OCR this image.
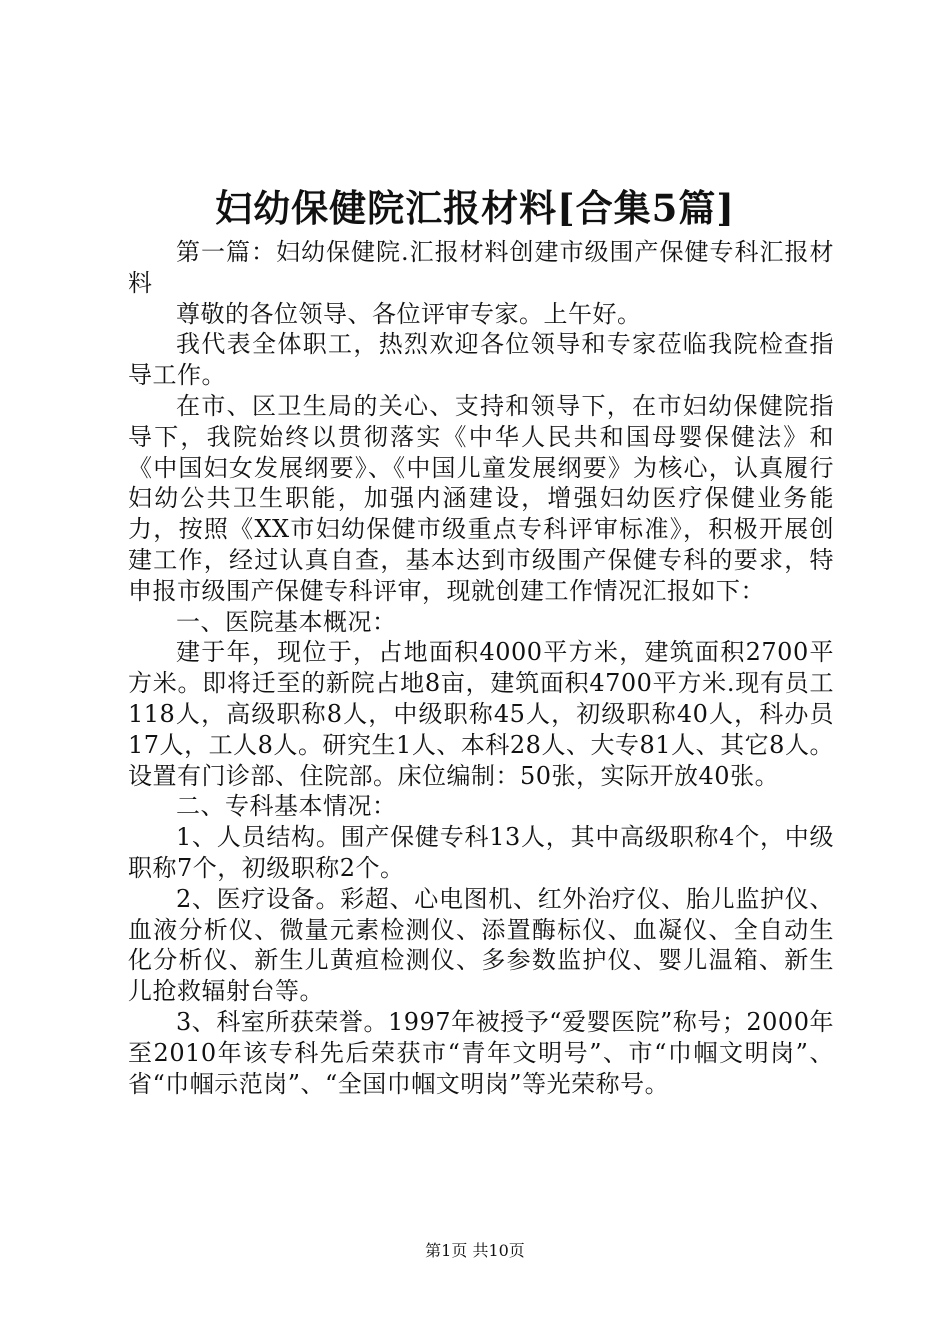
妇幼保健院汇报材料[合集5篇]

第一篇：妇幼保健院.汇报材料创建市级围产保健专科汇报材料

尊敬的各位领导、各位评审专家。上午好。

我代表全体职工，热烈欢迎各位领导和专家莅临我院检查指导工作。

在市、区卫生局的关心、支持和领导下，在市妇幼保健院指导下，我院始终以贯彻落实《中华人民共和国母婴保健法》和《中国妇女发展纲要》、《中国儿童发展纲要》为核心，认真履行妇幼公共卫生职能，加强内涵建设，增强妇幼医疗保健业务能力，按照《XX市妇幼保健市级重点专科评审标准》，积极开展创建工作，经过认真自查，基本达到市级围产保健专科的要求，特申报市级围产保健专科评审，现就创建工作情况汇报如下：

一、医院基本概况：

建于年，现位于，占地面积4000平方米，建筑面积2700平方米。即将迁至的新院占地8亩，建筑面积4700平方米.现有员工118人，高级职称8人，中级职称45人，初级职称40人，科办员17人，工人8人。研究生1人、本科28人、大专81人、其它8人。设置有门诊部、住院部。床位编制：50张，实际开放40张。

二、专科基本情况：

1、人员结构。围产保健专科13人，其中高级职称4个，中级职称7个，初级职称2个。

2、医疗设备。彩超、心电图机、红外治疗仪、胎儿监护仪、血液分析仪、微量元素检测仪、添置酶标仪、血凝仪、全自动生化分析仪、新生儿黄疸检测仪、多参数监护仪、婴儿温箱、新生儿抢救辐射台等。

3、科室所获荣誉。1997年被授予“爱婴医院”称号；2000年至2010年该专科先后荣获市“青年文明号”、市“巾帼文明岗”、省“巾帼示范岗”、“全国巾帼文明岗”等光荣称号。

第1页 共10页
